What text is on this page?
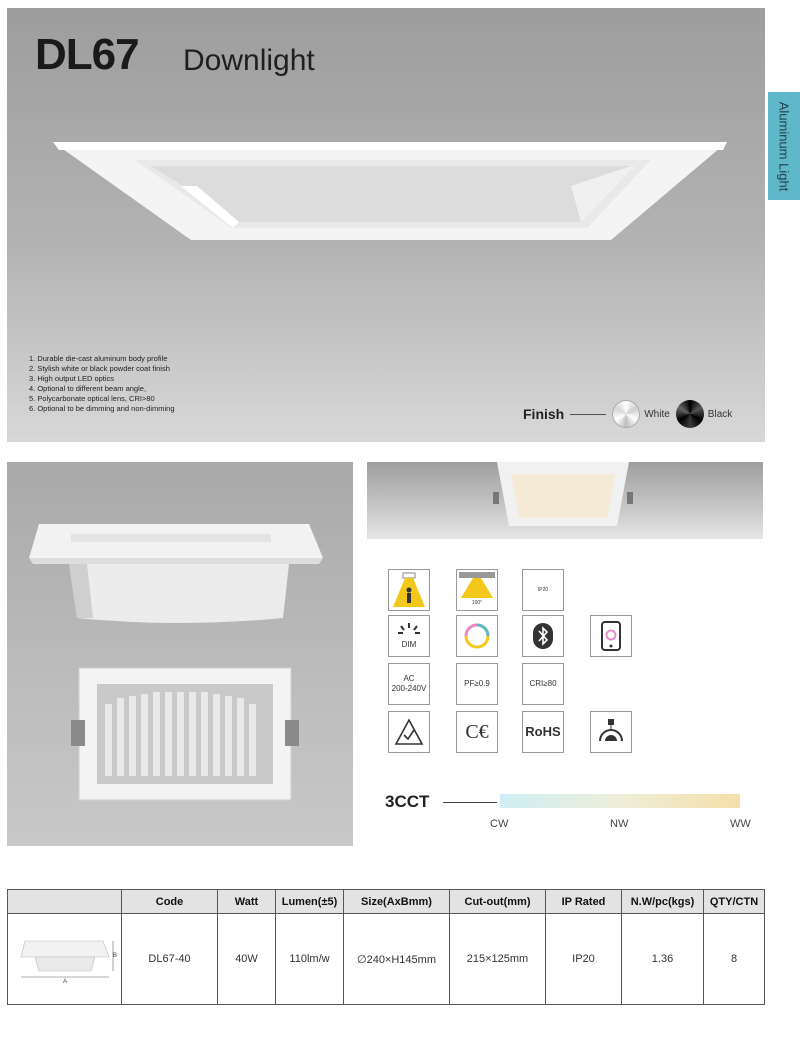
DL67 Downlight
1. Durable die-cast aluminum body profile
2. Stylish white or black powder coat finish
3. High output LED optics
4. Optional to different beam angle,
5. Polycarbonate optical lens, CRI>80
6. Optional to be dimming and non-dimming	Finish	White	Black
Aluminum Light
100°
IP20
DIM
AC
200-240V
PF≥0.9	CRI≥80
C€	RoHS
3CCT
CW	NW	WW
	Code	Watt	Lumen(±5)	Size(AxBmm)	Cut-out(mm)	IP Rated	N.W/pc(kgs)	QTY/CTN

A
B	DL67-40	40W	110lm/w	∅240×H145mm	215×125mm	IP20	1.36	8
